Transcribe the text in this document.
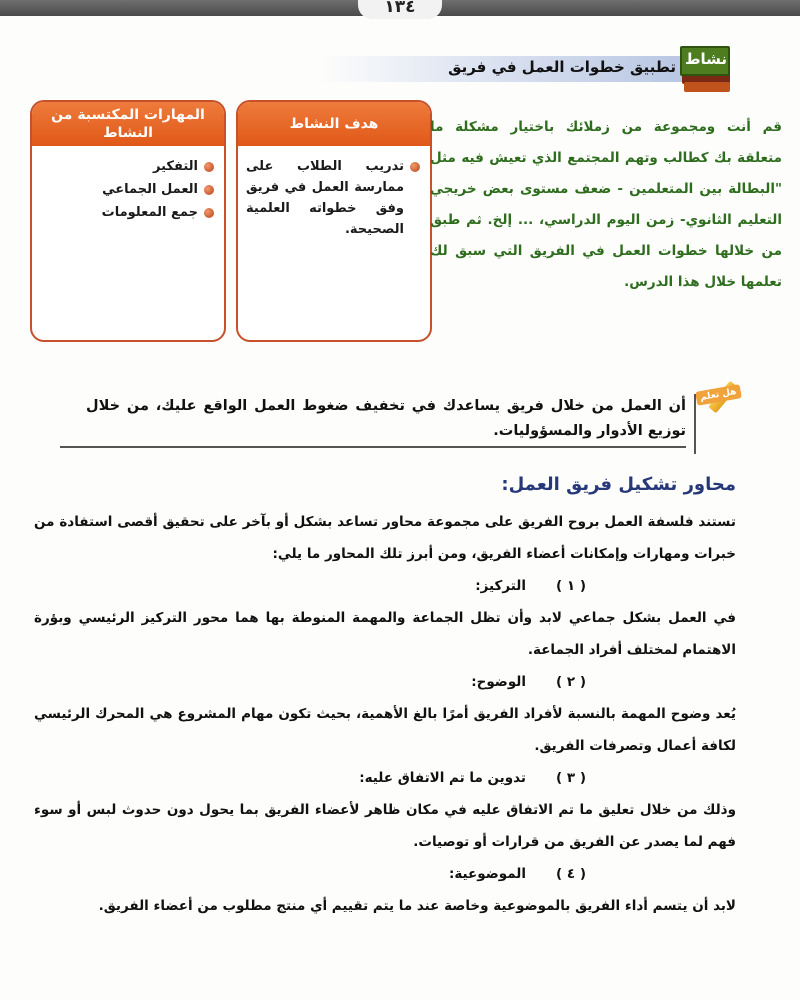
١٣٤
تطبيق خطوات العمل في فريق نشاط
هدف النشاط
تدريب الطلاب على ممارسة العمل في فريق وفق خطواته العلمية الصحيحة.
المهارات المكتسبة من النشاط
التفكير
العمل الجماعي
جمع المعلومات
قم أنت ومجموعة من زملائك باختيار مشكلة ما متعلقة بك كطالب وتهم المجتمع الذي تعيش فيه مثل "البطالة بين المتعلمين - ضعف مستوى بعض خريجي التعليم الثانوي- زمن اليوم الدراسي، ... إلخ. ثم طبق من خلالها خطوات العمل في الفريق التي سبق لك تعلمها خلال هذا الدرس.
هل تعلم
أن العمل من خلال فريق يساعدك في تخفيف ضغوط العمل الواقع عليك، من خلال توزيع الأدوار والمسؤوليات.
محاور تشكيل فريق العمل:

تستند فلسفة العمل بروح الفريق على مجموعة محاور تساعد بشكل أو بآخر على تحقيق أقصى استفادة من خبرات ومهارات وإمكانات أعضاء الفريق، ومن أبرز تلك المحاور ما يلي:

( ١ )التركيز:

في العمل بشكل جماعي لابد وأن تظل الجماعة والمهمة المنوطة بها هما محور التركيز الرئيسي وبؤرة الاهتمام لمختلف أفراد الجماعة.

( ٢ )الوضوح:

يُعد وضوح المهمة بالنسبة لأفراد الفريق أمرًا بالغ الأهمية، بحيث تكون مهام المشروع هي المحرك الرئيسي لكافة أعمال وتصرفات الفريق.

( ٣ )تدوين ما تم الاتفاق عليه:

وذلك من خلال تعليق ما تم الاتفاق عليه في مكان ظاهر لأعضاء الفريق بما يحول دون حدوث لبس أو سوء فهم لما يصدر عن الفريق من قرارات أو توصيات.

( ٤ )الموضوعية:

لابد أن يتسم أداء الفريق بالموضوعية وخاصة عند ما يتم تقييم أي منتج مطلوب من أعضاء الفريق.
